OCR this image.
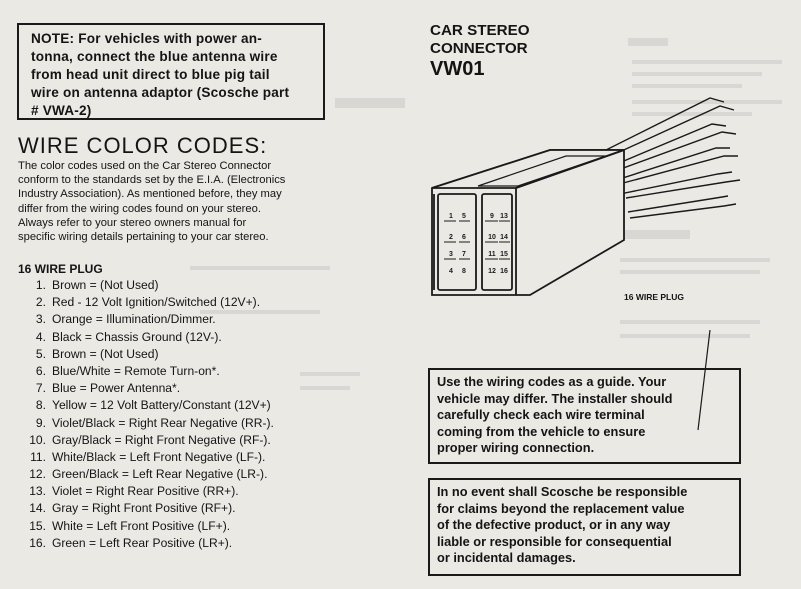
NOTE: For vehicles with power an-

tonna, connect the blue antenna wire

from head unit direct to blue pig tail

wire on antenna adaptor (Scosche part

# VWA-2)

WIRE COLOR CODES:
The color codes used on the Car Stereo Connector
conform to the standards set by the E.I.A. (Electronics
Industry Association). As mentioned before, they may
differ from the wiring codes found on your stereo.
Always refer to your stereo owners manual for
specific wiring details pertaining to your car stereo.
16 WIRE PLUG
1. Brown = (Not Used)
2. Red - 12 Volt Ignition/Switched (12V+).
3. Orange = Illumination/Dimmer.
4. Black = Chassis Ground (12V-).
5. Brown = (Not Used)
6. Blue/White = Remote Turn-on*.
7. Blue = Power Antenna*.
8. Yellow = 12 Volt Battery/Constant (12V+)
9. Violet/Black = Right Rear Negative (RR-).
10. Gray/Black = Right Front Negative (RF-).
11. White/Black = Left Front Negative (LF-).
12. Green/Black = Left Rear Negative (LR-).
13. Violet = Right Rear Positive (RR+).
14. Gray = Right Front Positive (RF+).
15. White = Left Front Positive (LF+).
16. Green = Left Rear Positive (LR+).
CAR STEREO
CONNECTOR
VW01
1 5
2 6
3 7
4 8
9 13
10 14
11 15
12 16
16 WIRE PLUG

Use the wiring codes as a guide. Your

vehicle may differ. The installer should

carefully check each wire terminal

coming from the vehicle to ensure

proper wiring connection.

In no event shall Scosche be responsible

for claims beyond the replacement value

of the defective product, or in any way

liable or responsible for consequential

or incidental damages.
